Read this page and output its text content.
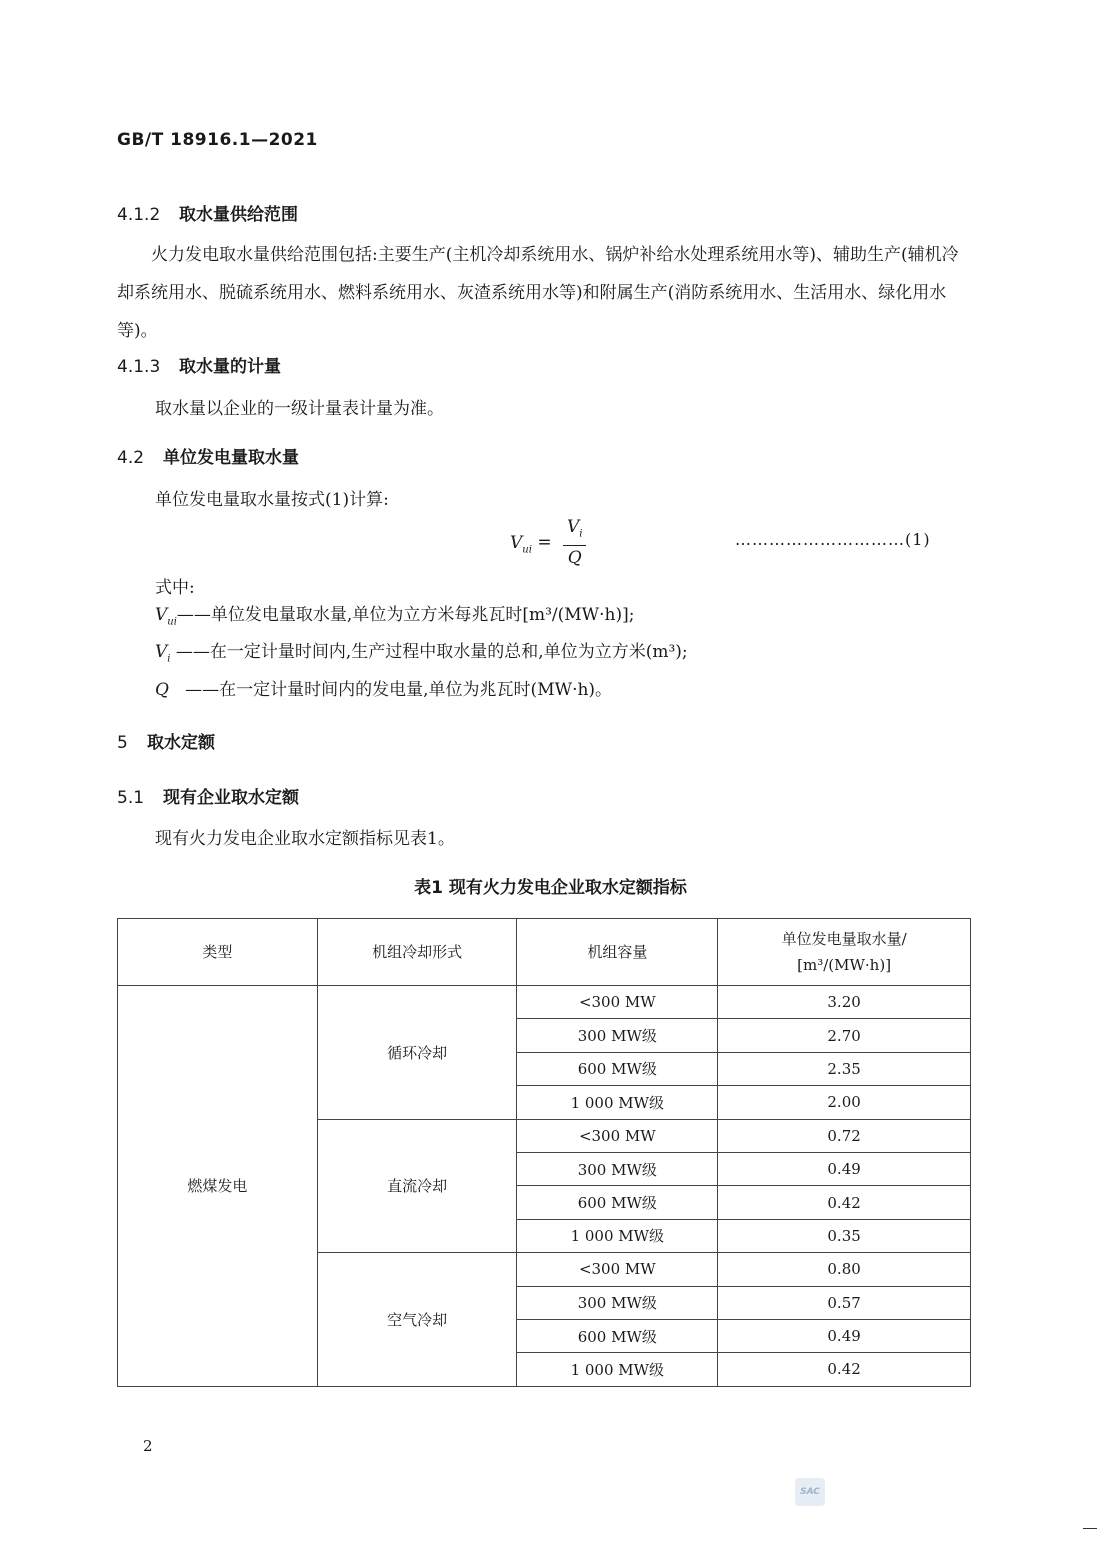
GB/T 18916.1—2021
4.1.2 取水量供给范围
火力发电取水量供给范围包括:主要生产(主机冷却系统用水、锅炉补给水处理系统用水等)、辅助生产(辅机冷却系统用水、脱硫系统用水、燃料系统用水、灰渣系统用水等)和附属生产(消防系统用水、生活用水、绿化用水等)。
4.1.3 取水量的计量
取水量以企业的一级计量表计量为准。
4.2 单位发电量取水量
单位发电量取水量按式(1)计算:
$V_{ui} = \frac{V_i}{Q}$	…………………………(1)
式中:
$V_{ui}——$单位发电量取水量,单位为立方米每兆瓦时[m³/(MW·h)];
$V_i$ ——在一定计量时间内,生产过程中取水量的总和,单位为立方米(m³);
Q ——在一定计量时间内的发电量,单位为兆瓦时(MW·h)。
5 取水定额
5.1 现有企业取水定额
现有火力发电企业取水定额指标见表1。
表1 现有火力发电企业取水定额指标
类型	机组冷却形式	机组容量	单位发电量取水量/
[m³/(MW·h)]
燃煤发电	循环冷却	<300 MW	3.20
		300 MW级	2.70
		600 MW级	2.35
		1 000 MW级	2.00
	直流冷却	<300 MW	0.72
		300 MW级	0.49
		600 MW级	0.42
		1 000 MW级	0.35
	空气冷却	<300 MW	0.80
		300 MW级	0.57
		600 MW级	0.49
		1 000 MW级	0.42
2
SAC
